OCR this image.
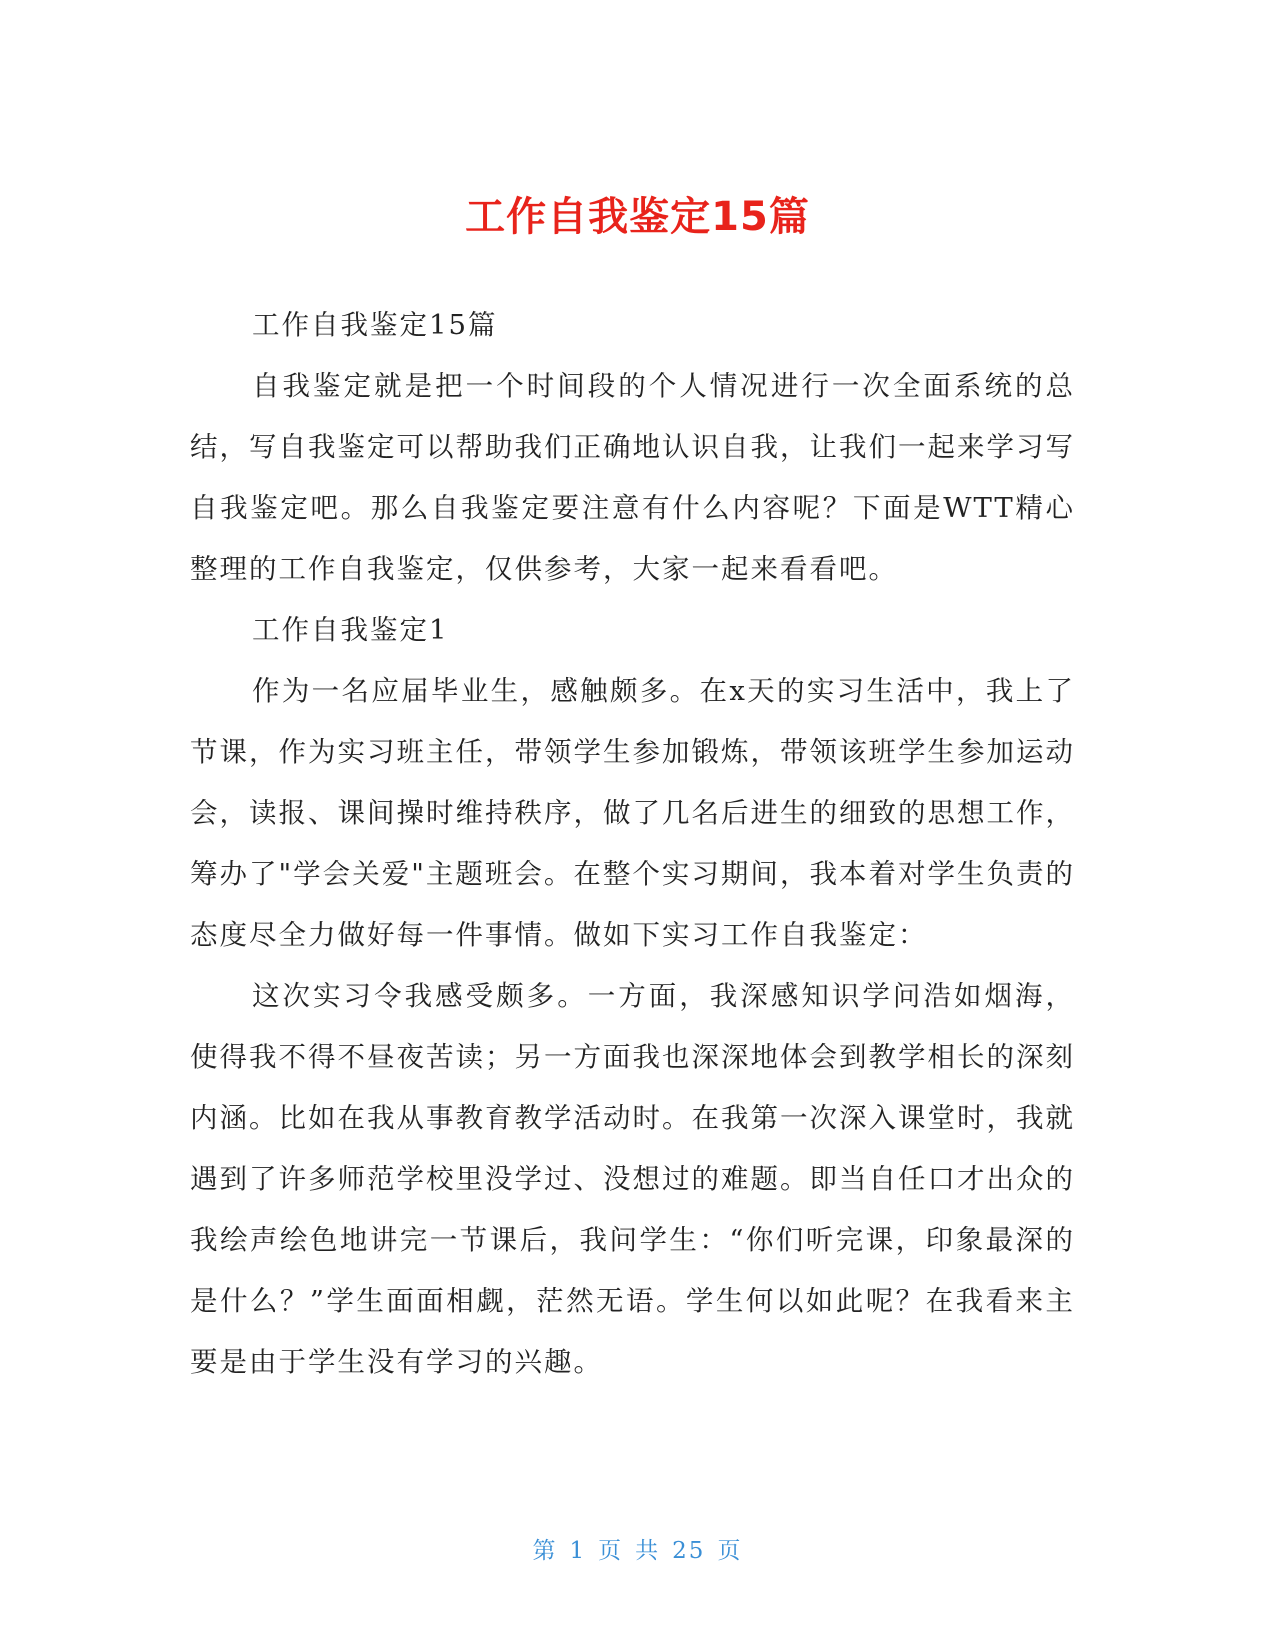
工作自我鉴定15篇

工作自我鉴定15篇

自我鉴定就是把一个时间段的个人情况进行一次全面系统的总结，写自我鉴定可以帮助我们正确地认识自我，让我们一起来学习写自我鉴定吧。那么自我鉴定要注意有什么内容呢？下面是WTT精心整理的工作自我鉴定，仅供参考，大家一起来看看吧。

工作自我鉴定1

作为一名应届毕业生，感触颇多。在x天的实习生活中，我上了节课，作为实习班主任，带领学生参加锻炼，带领该班学生参加运动会，读报、课间操时维持秩序，做了几名后进生的细致的思想工作，筹办了"学会关爱"主题班会。在整个实习期间，我本着对学生负责的态度尽全力做好每一件事情。做如下实习工作自我鉴定：

这次实习令我感受颇多。一方面，我深感知识学问浩如烟海，使得我不得不昼夜苦读；另一方面我也深深地体会到教学相长的深刻内涵。比如在我从事教育教学活动时。在我第一次深入课堂时，我就遇到了许多师范学校里没学过、没想过的难题。即当自任口才出众的我绘声绘色地讲完一节课后，我问学生：“你们听完课，印象最深的是什么？”学生面面相觑，茫然无语。学生何以如此呢？在我看来主要是由于学生没有学习的兴趣。

第 1 页 共 25 页
